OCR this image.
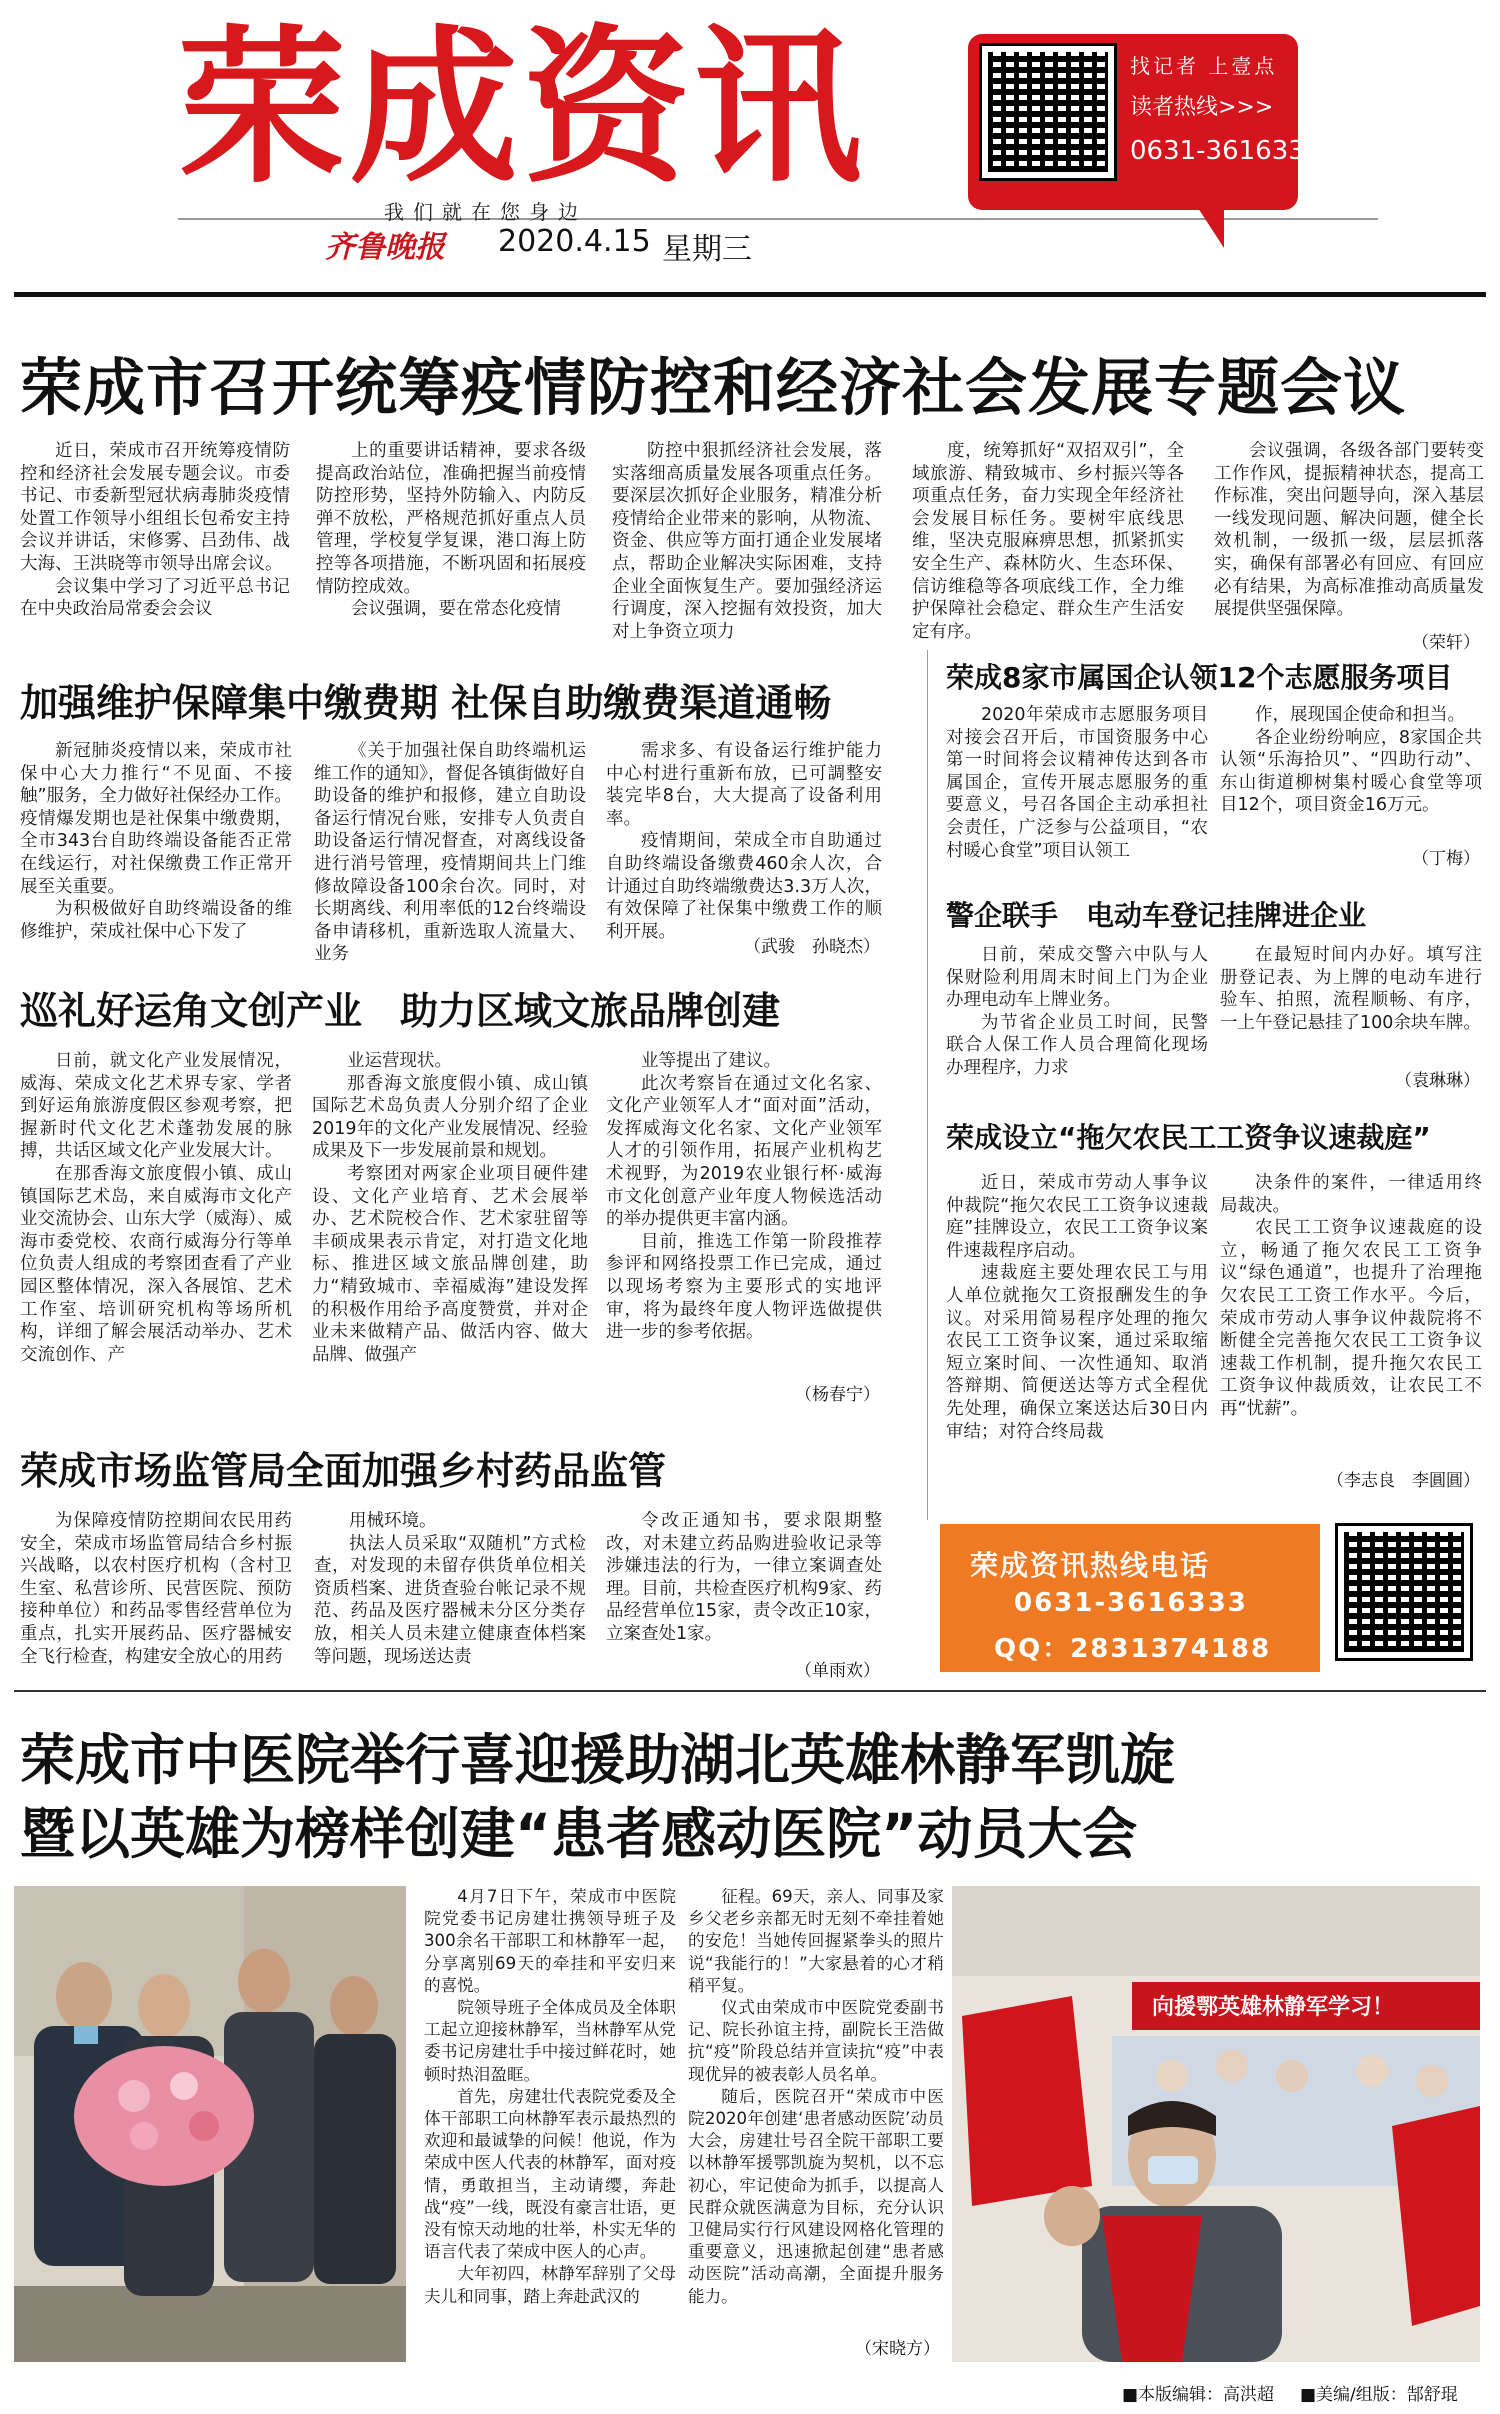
荣成资讯
我们就在您身边
齐鲁晚报 2020.4.15 星期三
找记者 上壹点
读者热线>>>
0631-3616333
荣成市召开统筹疫情防控和经济社会发展专题会议

近日，荣成市召开统筹疫情防控和经济社会发展专题会议。市委书记、市委新型冠状病毒肺炎疫情处置工作领导小组组长包希安主持会议并讲话，宋修雾、吕劲伟、战大海、王洪晓等市领导出席会议。

会议集中学习了习近平总书记在中央政治局常委会会议

上的重要讲话精神，要求各级提高政治站位，准确把握当前疫情防控形势，坚持外防输入、内防反弹不放松，严格规范抓好重点人员管理，学校复学复课，港口海上防控等各项措施，不断巩固和拓展疫情防控成效。

会议强调，要在常态化疫情

防控中狠抓经济社会发展，落实落细高质量发展各项重点任务。要深层次抓好企业服务，精准分析疫情给企业带来的影响，从物流、资金、供应等方面打通企业发展堵点，帮助企业解决实际困难，支持企业全面恢复生产。要加强经济运行调度，深入挖掘有效投资，加大对上争资立项力

度，统筹抓好“双招双引”，全域旅游、精致城市、乡村振兴等各项重点任务，奋力实现全年经济社会发展目标任务。要树牢底线思维，坚决克服麻痹思想，抓紧抓实安全生产、森林防火、生态环保、信访维稳等各项底线工作，全力维护保障社会稳定、群众生产生活安定有序。

会议强调，各级各部门要转变工作作风，提振精神状态，提高工作标准，突出问题导向，深入基层一线发现问题、解决问题，健全长效机制，一级抓一级，层层抓落实，确保有部署必有回应、有回应必有结果，为高标准推动高质量发展提供坚强保障。

（荣轩）
加强维护保障集中缴费期 社保自助缴费渠道通畅

新冠肺炎疫情以来，荣成市社保中心大力推行“不见面、不接触”服务，全力做好社保经办工作。疫情爆发期也是社保集中缴费期，全市343台自助终端设备能否正常在线运行，对社保缴费工作正常开展至关重要。

为积极做好自助终端设备的维修维护，荣成社保中心下发了

《关于加强社保自助终端机运维工作的通知》，督促各镇街做好自助设备的维护和报修，建立自助设备运行情况台账，安排专人负责自助设备运行情况督查，对离线设备进行消号管理，疫情期间共上门维修故障设备100余台次。同时，对长期离线、利用率低的12台终端设备申请移机，重新选取人流量大、业务

需求多、有设备运行维护能力中心村进行重新布放，已可調整安装完毕8台，大大提高了设备利用率。

疫情期间，荣成全市自助通过自助终端设备缴费460余人次，合计通过自助终端缴费达3.3万人次，有效保障了社保集中缴费工作的顺利开展。

（武骏　孙晓杰）
巡礼好运角文创产业　助力区域文旅品牌创建

日前，就文化产业发展情况，威海、荣成文化艺术界专家、学者到好运角旅游度假区参观考察，把握新时代文化艺术蓬勃发展的脉搏，共话区域文化产业发展大计。

在那香海文旅度假小镇、成山镇国际艺术岛，来自威海市文化产业交流协会、山东大学（威海）、威海市委党校、农商行威海分行等单位负责人组成的考察团查看了产业园区整体情况，深入各展馆、艺术工作室、培训研究机构等场所机构，详细了解会展活动举办、艺术交流创作、产

业运营现状。

那香海文旅度假小镇、成山镇国际艺术岛负责人分别介绍了企业2019年的文化产业发展情况、经验成果及下一步发展前景和规划。

考察团对两家企业项目硬件建设、文化产业培育、艺术会展举办、艺术院校合作、艺术家驻留等丰硕成果表示肯定，对打造文化地标、推进区域文旅品牌创建，助力“精致城市、幸福威海”建设发挥的积极作用给予高度赞赏，并对企业未来做精产品、做活内容、做大品牌、做强产

业等提出了建议。

此次考察旨在通过文化名家、文化产业领军人才“面对面”活动，发挥威海文化名家、文化产业领军人才的引领作用，拓展产业机构艺术视野，为2019农业银行杯·威海市文化创意产业年度人物候选活动的举办提供更丰富内涵。

目前，推选工作第一阶段推荐参评和网络投票工作已完成，通过以现场考察为主要形式的实地评审，将为最终年度人物评选做提供进一步的参考依据。

（杨春宁）
荣成市场监管局全面加强乡村药品监管

为保障疫情防控期间农民用药安全，荣成市场监管局结合乡村振兴战略，以农村医疗机构（含村卫生室、私营诊所、民营医院、预防接种单位）和药品零售经营单位为重点，扎实开展药品、医疗器械安全飞行检查，构建安全放心的用药

用械环境。

执法人员采取“双随机”方式检查，对发现的未留存供货单位相关资质档案、进货查验台帐记录不规范、药品及医疗器械未分区分类存放，相关人员未建立健康查体档案等问题，现场送达责

令改正通知书，要求限期整改，对未建立药品购进验收记录等涉嫌违法的行为，一律立案调查处理。目前，共检查医疗机构9家、药品经营单位15家，责令改正10家，立案查处1家。

（单雨欢）
荣成8家市属国企认领12个志愿服务项目

2020年荣成市志愿服务项目对接会召开后，市国资服务中心第一时间将会议精神传达到各市属国企，宣传开展志愿服务的重要意义，号召各国企主动承担社会责任，广泛参与公益项目，“农村暖心食堂”项目认领工

作，展现国企使命和担当。

各企业纷纷响应，8家国企共认领“乐海拾贝”、“四助行动”、东山街道柳树集村暖心食堂等项目12个，项目资金16万元。

（丁梅）
警企联手　电动车登记挂牌进企业

日前，荣成交警六中队与人保财险利用周末时间上门为企业办理电动车上牌业务。

为节省企业员工时间，民警联合人保工作人员合理简化现场办理程序，力求

在最短时间内办好。填写注册登记表、为上牌的电动车进行验车、拍照，流程顺畅、有序，一上午登记悬挂了100余块车牌。

（袁琳琳）
荣成设立“拖欠农民工工资争议速裁庭”

近日，荣成市劳动人事争议仲裁院“拖欠农民工工资争议速裁庭”挂牌设立，农民工工资争议案件速裁程序启动。

速裁庭主要处理农民工与用人单位就拖欠工资报酬发生的争议。对采用简易程序处理的拖欠农民工工资争议案，通过采取缩短立案时间、一次性通知、取消答辩期、简便送达等方式全程优先处理，确保立案送达后30日内审结；对符合终局裁

决条件的案件，一律适用终局裁决。

农民工工资争议速裁庭的设立，畅通了拖欠农民工工资争议“绿色通道”，也提升了治理拖欠农民工工资工作水平。今后，荣成市劳动人事争议仲裁院将不断健全完善拖欠农民工工资争议速裁工作机制，提升拖欠农民工工资争议仲裁质效，让农民工不再“忧薪”。

（李志良　李圓圓）
荣成资讯热线电话
0631-3616333
QQ：2831374188
荣成市中医院举行喜迎援助湖北英雄林静军凯旋
暨以英雄为榜样创建“患者感动医院”动员大会

4月7日下午，荣成市中医院院党委书记房建壮携领导班子及300余名干部职工和林静军一起，分享离别69天的牵挂和平安归来的喜悦。

院领导班子全体成员及全体职工起立迎接林静军，当林静军从党委书记房建壮手中接过鲜花时，她顿时热泪盈眶。

首先，房建壮代表院党委及全体干部职工向林静军表示最热烈的欢迎和最诚挚的问候！他说，作为荣成中医人代表的林静军，面对疫情，勇敢担当，主动请缨，奔赴战“疫”一线，既没有豪言壮语，更没有惊天动地的壮举，朴实无华的语言代表了荣成中医人的心声。

大年初四，林静军辞别了父母夫儿和同事，踏上奔赴武汉的

征程。69天，亲人、同事及家乡父老乡亲都无时无刻不牵挂着她的安危！当她传回握紧拳头的照片说“我能行的！”大家悬着的心才稍稍平复。

仪式由荣成市中医院党委副书记、院长孙谊主持，副院长王浩做抗“疫”阶段总结并宣读抗“疫”中表现优异的被表彰人员名单。

随后，医院召开“荣成市中医院2020年创建‘患者感动医院’动员大会，房建壮号召全院干部职工要以林静军援鄂凯旋为契机，以不忘初心，牢记使命为抓手，以提高人民群众就医满意为目标，充分认识卫健局实行行风建设网格化管理的重要意义，迅速掀起创建“患者感动医院”活动高潮，全面提升服务能力。

（宋晓方）
向援鄂英雄林静军学习！
■本版编辑：高洪超 ■美编/组版：郜舒琨
